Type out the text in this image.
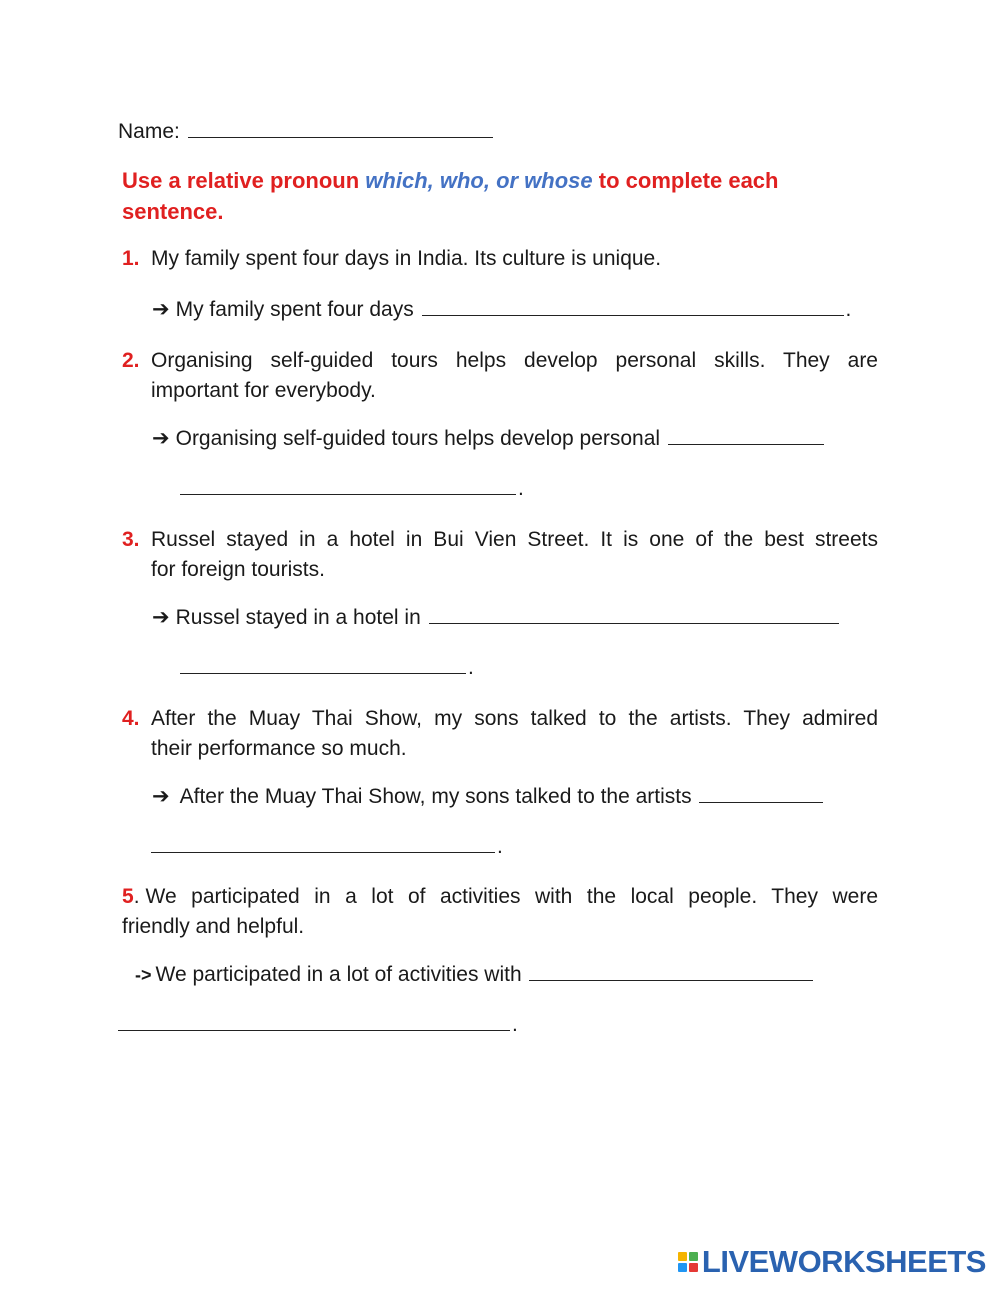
Name:
Use a relative pronoun which, who, or whose to complete each
sentence.
1. My family spent four days in India. Its culture is unique.
➔ My family spent four days	.
2. Organising self-guided tours helps develop personal skills. They are
important for everybody.
➔ Organising self-guided tours helps develop personal
.
3. Russel stayed in a hotel in Bui Vien Street. It is one of the best streets
for foreign tourists.
➔ Russel stayed in a hotel in
.
4. After the Muay Thai Show, my sons talked to the artists. They admired
their performance so much.
➔ After the Muay Thai Show, my sons talked to the artists
.
5 . We participated in a lot of activities with the local people. They were
friendly and helpful.
-> We participated in a lot of activities with
.
LIVEWORKSHEETS
